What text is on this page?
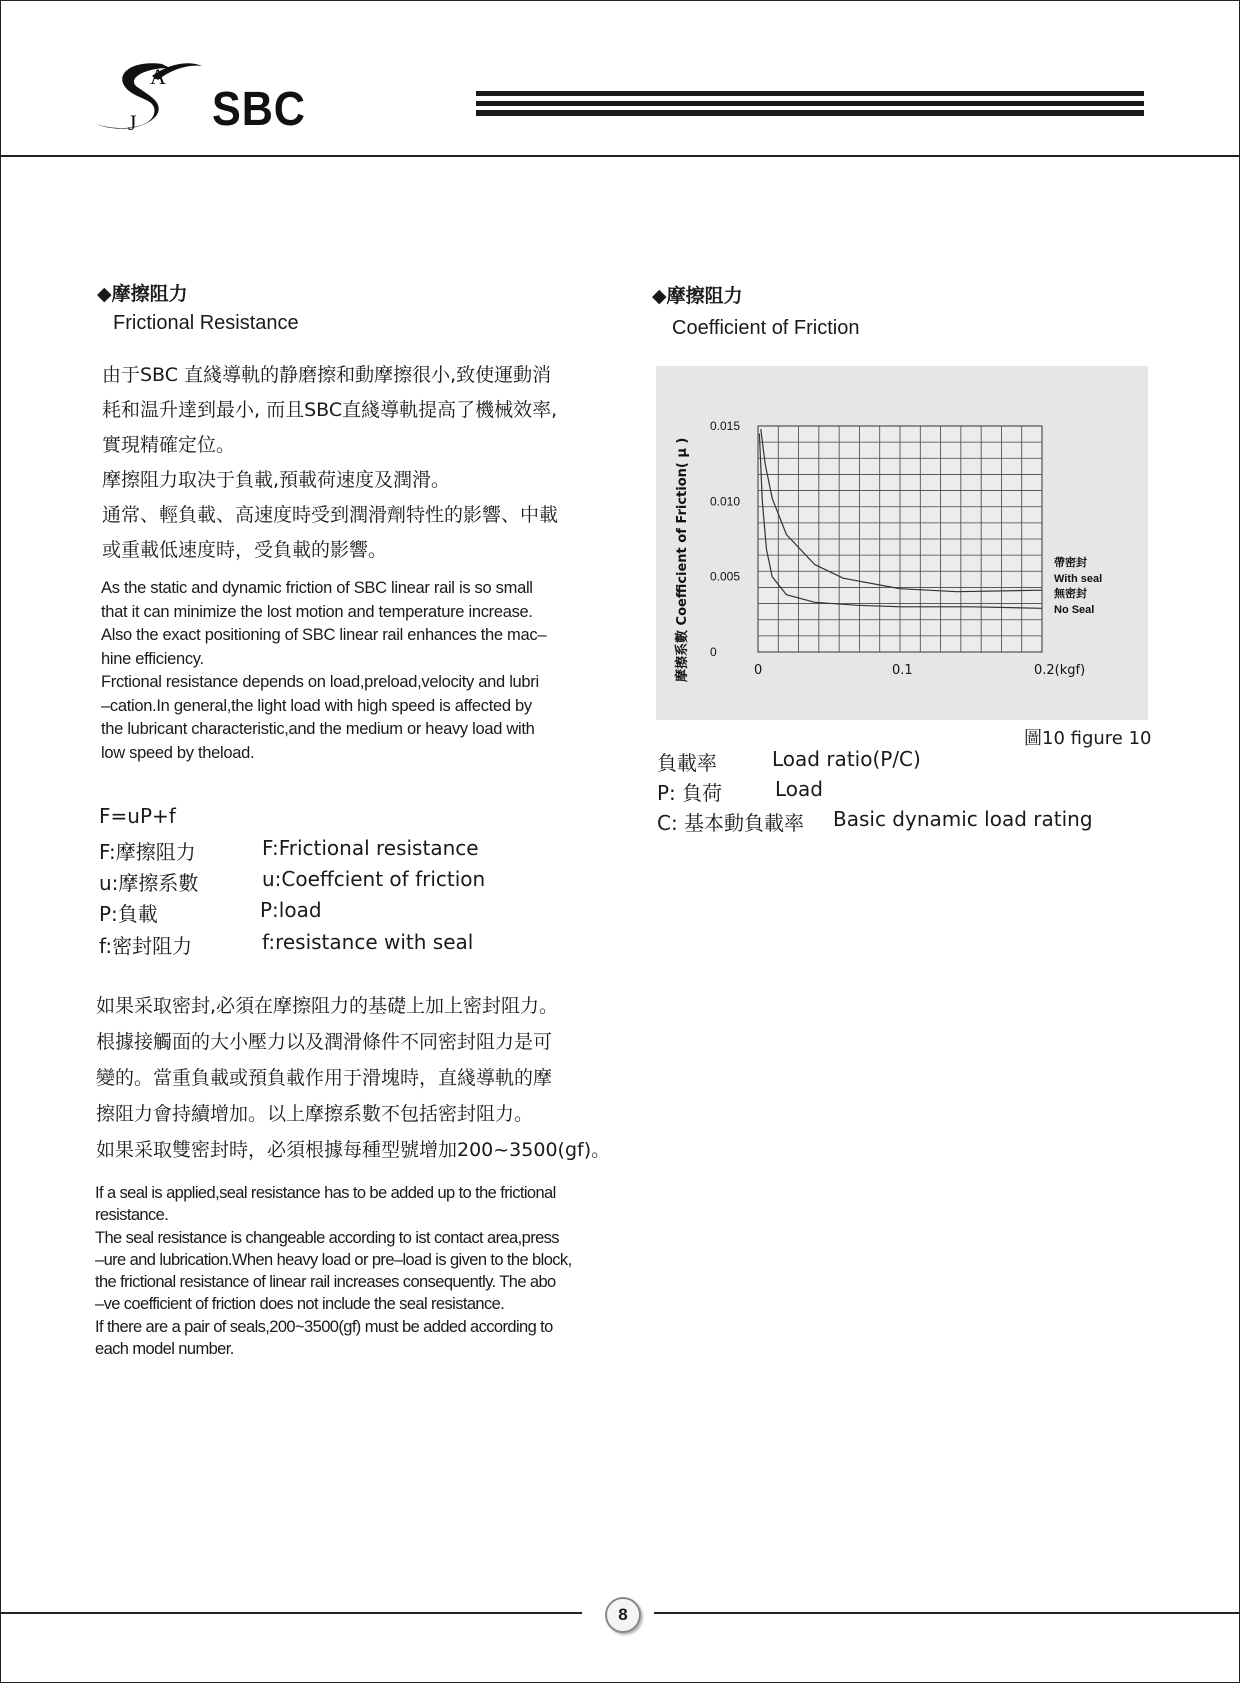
J
A
SBC
◆摩擦阻力
Frictional Resistance
由于SBC 直綫導軌的静磨擦和動摩擦很小,致使運動消
耗和温升達到最小, 而且SBC直綫導軌提高了機械效率,
實現精確定位。
摩擦阻力取决于負載,預載荷速度及潤滑。
通常、輕負載、高速度時受到潤滑劑特性的影響、中載
或重載低速度時，受負載的影響。
As the static and dynamic friction of SBC linear rail is so small
that it can minimize the lost motion and temperature increase.
Also the exact positioning of SBC linear rail enhances the mac–
hine efficiency.
Frctional resistance depends on load,preload,velocity and lubri
–cation.In general,the light load with high speed is affected by
the lubricant characteristic,and the medium or heavy load with
low speed by theload.
F=uP+f
F:摩擦阻力	F:Frictional resistance
u:摩擦系數	u:Coeffcient of friction
P:負載	P:load
f:密封阻力	f:resistance with seal
如果采取密封,必須在摩擦阻力的基礎上加上密封阻力。
根據接觸面的大小壓力以及潤滑條件不同密封阻力是可
變的。當重負載或預負載作用于滑塊時，直綫導軌的摩
擦阻力會持續增加。以上摩擦系數不包括密封阻力。
如果采取雙密封時，必須根據每種型號增加200~3500(gf)。
If a seal is applied,seal resistance has to be added up to the frictional
resistance.
The seal resistance is changeable according to ist contact area,press
–ure and lubrication.When heavy load or pre–load is given to the block,
the frictional resistance of linear rail increases consequently. The abo
–ve coefficient of friction does not include the seal resistance.
If there are a pair of seals,200~3500(gf) must be added according to
each model number.
◆摩擦阻力
Coefficient of Friction
0
0.005
0.010
0.015
0	0.1	0.2(kgf)
摩擦系數 Coefficient of Friction( μ )	帶密封
With seal
無密封
No Seal
圖10 figure 10
負載率	Load ratio(P/C)
P: 負荷	Load
C: 基本動負載率 Basic dynamic load rating
8
